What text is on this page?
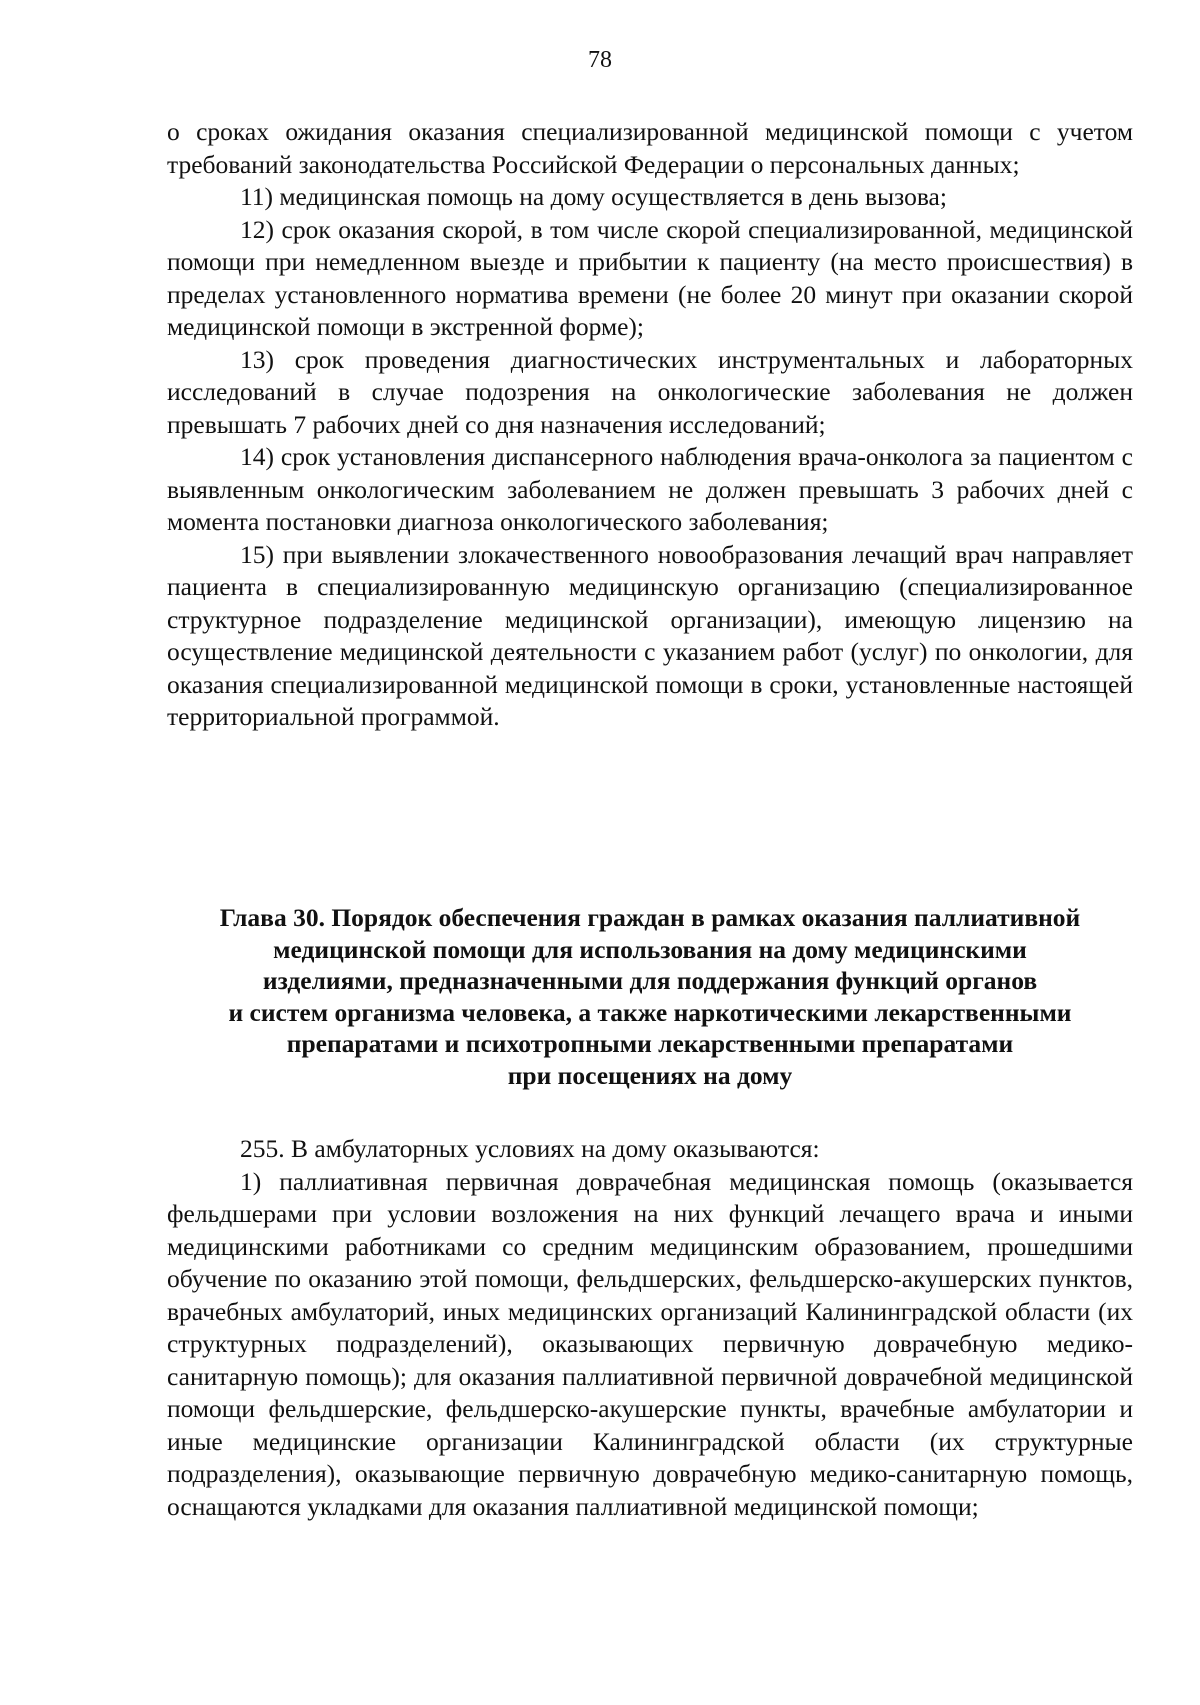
78

о сроках ожидания оказания специализированной медицинской помощи с учетом требований законодательства Российской Федерации о персональных данных;

11) медицинская помощь на дому осуществляется в день вызова;

12) срок оказания скорой, в том числе скорой специализированной, медицинской помощи при немедленном выезде и прибытии к пациенту (на место происшествия) в пределах установленного норматива времени (не более 20 минут при оказании скорой медицинской помощи в экстренной форме);

13) срок проведения диагностических инструментальных и лабораторных исследований в случае подозрения на онкологические заболевания не должен превышать 7 рабочих дней со дня назначения исследований;

14) срок установления диспансерного наблюдения врача-онколога за пациентом с выявленным онкологическим заболеванием не должен превышать 3 рабочих дней с момента постановки диагноза онкологического заболевания;

15) при выявлении злокачественного новообразования лечащий врач направляет пациента в специализированную медицинскую организацию (специализированное структурное подразделение медицинской организации), имеющую лицензию на осуществление медицинской деятельности с указанием работ (услуг) по онкологии, для оказания специализированной медицинской помощи в сроки, установленные настоящей территориальной программой.

Глава 30. Порядок обеспечения граждан в рамках оказания паллиативной
медицинской помощи для использования на дому медицинскими
изделиями, предназначенными для поддержания функций органов
и систем организма человека, а также наркотическими лекарственными
препаратами и психотропными лекарственными препаратами
при посещениях на дому

255. В амбулаторных условиях на дому оказываются:

1) паллиативная первичная доврачебная медицинская помощь (оказывается фельдшерами при условии возложения на них функций лечащего врача и иными медицинскими работниками со средним медицинским образованием, прошедшими обучение по оказанию этой помощи, фельдшерских, фельдшерско-акушерских пунктов, врачебных амбулаторий, иных медицинских организаций Калининградской области (их структурных подразделений), оказывающих первичную доврачебную медико-санитарную помощь); для оказания паллиативной первичной доврачебной медицинской помощи фельдшерские, фельдшерско-акушерские пункты, врачебные амбулатории и иные медицинские организации Калининградской области (их структурные подразделения), оказывающие первичную доврачебную медико-санитарную помощь, оснащаются укладками для оказания паллиативной медицинской помощи;
